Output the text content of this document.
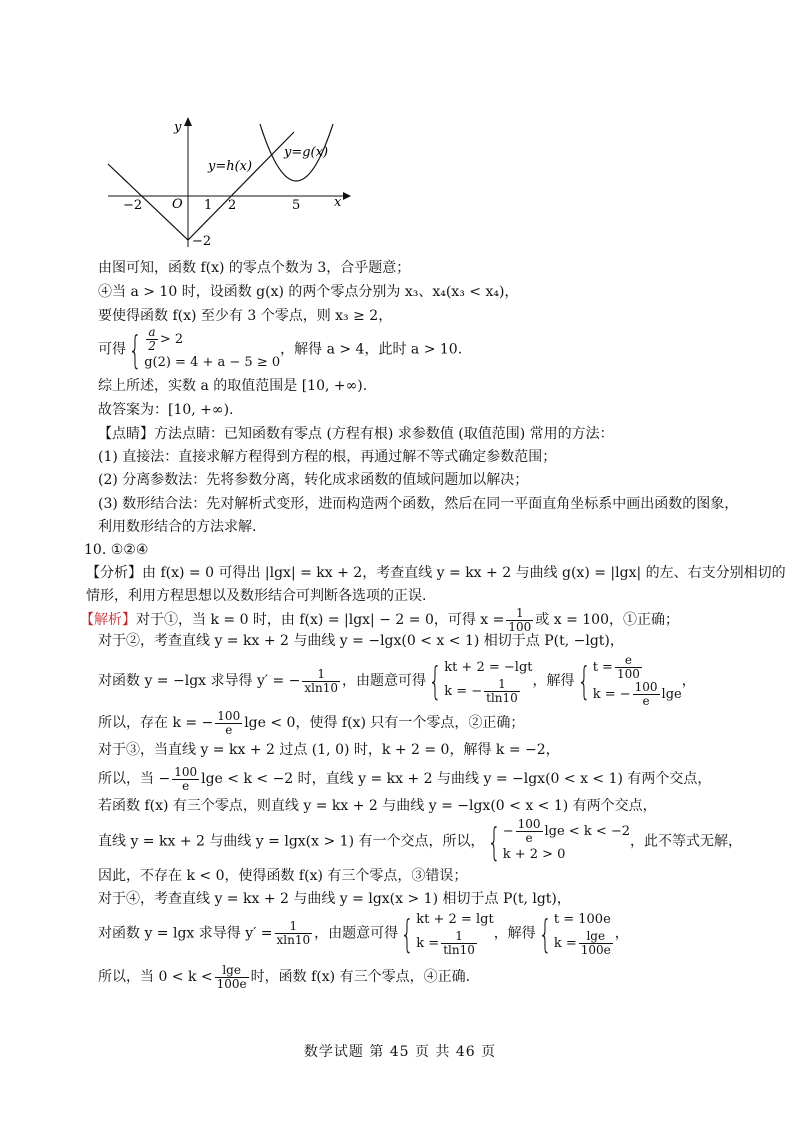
y
x
O
y=h(x)
y=g(x)
−2	1 2	5
−2
由图可知，函数 f(x) 的零点个数为 3，合乎题意；
④当 a > 10 时，设函数 g(x) 的两个零点分别为 x₃、x₄(x₃ < x₄)，
要使得函数 f(x) 至少有 3 个零点，则 x₃ ≥ 2，
可得{ $\frac{a}{2} > 2$
g(2) = 4 + a − 5 ≥ 0
，解得 a > 4，此时 a > 10.
综上所述，实数 a 的取值范围是 [10, +∞).
故答案为：[10, +∞).
【点睛】方法点睛：已知函数有零点 (方程有根) 求参数值 (取值范围) 常用的方法：
(1) 直接法：直接求解方程得到方程的根，再通过解不等式确定参数范围；
(2) 分离参数法：先将参数分离，转化成求函数的值域问题加以解决；
(3) 数形结合法：先对解析式变形，进而构造两个函数，然后在同一平面直角坐标系中画出函数的图象，
利用数形结合的方法求解.
10. ①②④
【分析】由 f(x) = 0 可得出 |lgx| = kx + 2，考查直线 y = kx + 2 与曲线 g(x) = |lgx| 的左、右支分别相切的
情形，利用方程思想以及数形结合可判断各选项的正误.
【解析】对于①，当 k = 0 时，由 f(x) = |lgx| − 2 = 0，可得 $x = \frac{1}{100}$ 或 x = 100，①正确；
对于②，考查直线 y = kx + 2 与曲线 y = −lgx(0 < x < 1) 相切于点 P(t, −lgt)，
对函数 y = −lgx 求导得 y′ = − $\frac{1}{xln10}$ ，由题意可得{ kt + 2 = −lgt
k = − $\frac{1}{tln10}$ ，解得{ $t = \frac{e}{100}$
k = − $\frac{100}{e}$ lge
，
所以，存在 k = − $\frac{100}{e}$ lge < 0，使得 f(x) 只有一个零点，②正确；
对于③，当直线 y = kx + 2 过点 (1, 0) 时，k + 2 = 0，解得 k = −2，
所以，当 − $\frac{100}{e}$ lge < k < −2 时，直线 y = kx + 2 与曲线 y = −lgx(0 < x < 1) 有两个交点，
若函数 f(x) 有三个零点，则直线 y = kx + 2 与曲线 y = −lgx(0 < x < 1) 有两个交点，
直线 y = kx + 2 与曲线 y = lgx(x > 1) 有一个交点，所以，{ − $\frac{100}{e}$ lge < k < −2
k + 2 > 0
，此不等式无解，
因此，不存在 k < 0，使得函数 f(x) 有三个零点，③错误；
对于④，考查直线 y = kx + 2 与曲线 y = lgx(x > 1) 相切于点 P(t, lgt)，
对函数 y = lgx 求导得 $y' = \frac{1}{xln10}$ ，由题意可得{ kt + 2 = lgt
$k = \frac{1}{tln10}$ ，解得{ t = 100e
$k = \frac{\lg e}{100e}$ ，
所以，当 $0 < k < \frac{\lg e}{100e}$ 时，函数 f(x) 有三个零点，④正确.
数学试题 第 45 页 共 46 页
